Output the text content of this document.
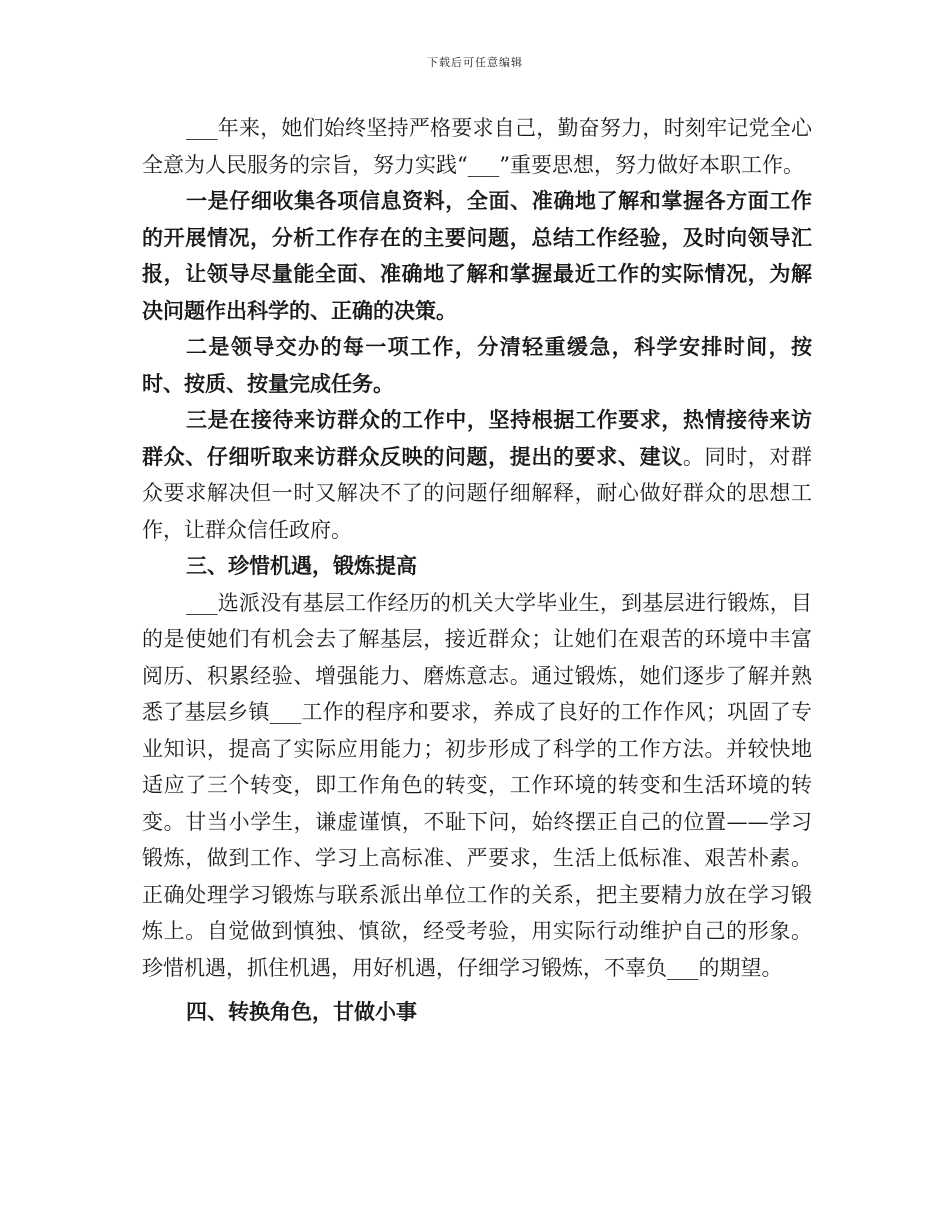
下载后可任意编辑

___年来，她们始终坚持严格要求自己，勤奋努力，时刻牢记党全心全意为人民服务的宗旨，努力实践“___”重要思想，努力做好本职工作。

一是仔细收集各项信息资料，全面、准确地了解和掌握各方面工作的开展情况，分析工作存在的主要问题，总结工作经验，及时向领导汇报，让领导尽量能全面、准确地了解和掌握最近工作的实际情况，为解决问题作出科学的、正确的决策。

二是领导交办的每一项工作，分清轻重缓急，科学安排时间，按时、按质、按量完成任务。

三是在接待来访群众的工作中，坚持根据工作要求，热情接待来访群众、仔细听取来访群众反映的问题，提出的要求、建议。同时，对群众要求解决但一时又解决不了的问题仔细解释，耐心做好群众的思想工作，让群众信任政府。

三、珍惜机遇，锻炼提高

___选派没有基层工作经历的机关大学毕业生，到基层进行锻炼，目的是使她们有机会去了解基层，接近群众；让她们在艰苦的环境中丰富阅历、积累经验、增强能力、磨炼意志。通过锻炼，她们逐步了解并熟悉了基层乡镇___工作的程序和要求，养成了良好的工作作风；巩固了专业知识，提高了实际应用能力；初步形成了科学的工作方法。并较快地适应了三个转变，即工作角色的转变，工作环境的转变和生活环境的转变。甘当小学生，谦虚谨慎，不耻下问，始终摆正自己的位置——学习锻炼，做到工作、学习上高标准、严要求，生活上低标准、艰苦朴素。正确处理学习锻炼与联系派出单位工作的关系，把主要精力放在学习锻炼上。自觉做到慎独、慎欲，经受考验，用实际行动维护自己的形象。珍惜机遇，抓住机遇，用好机遇，仔细学习锻炼，不辜负___的期望。

四、转换角色，甘做小事
